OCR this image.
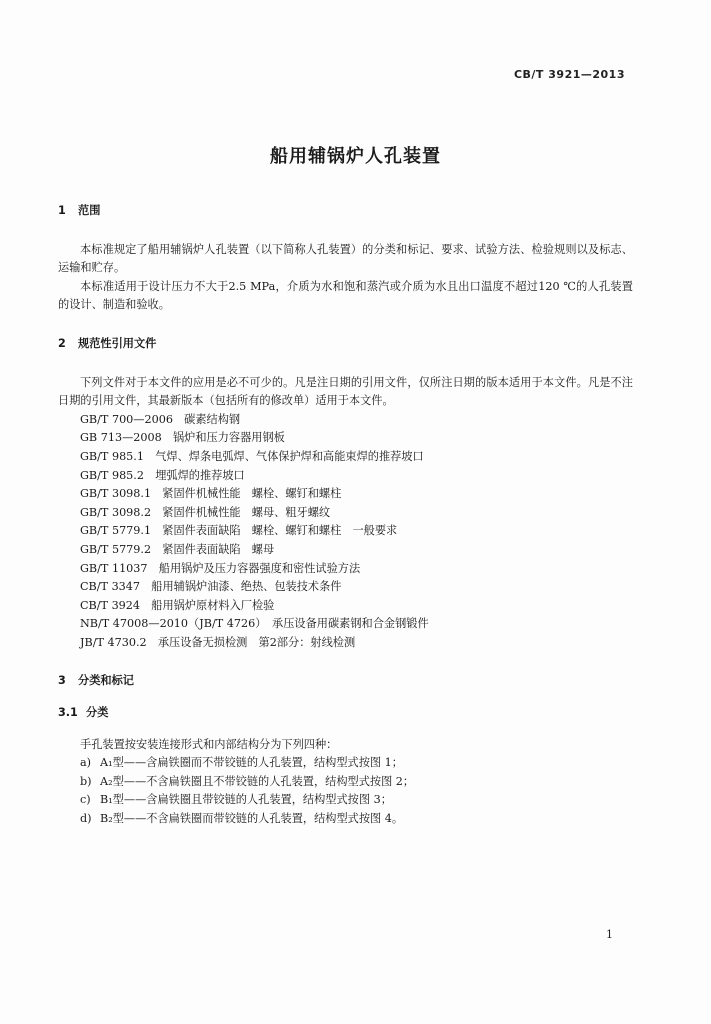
CB/T 3921—2013
船用辅锅炉人孔装置
1 范围

本标准规定了船用辅锅炉人孔装置（以下简称人孔装置）的分类和标记、要求、试验方法、检验规则以及标志、运输和贮存。

本标准适用于设计压力不大于2.5 MPa，介质为水和饱和蒸汽或介质为水且出口温度不超过120 ℃的人孔装置的设计、制造和验收。

2 规范性引用文件

下列文件对于本文件的应用是必不可少的。凡是注日期的引用文件，仅所注日期的版本适用于本文件。凡是不注日期的引用文件，其最新版本（包括所有的修改单）适用于本文件。

GB/T 700—2006　 碳素结构钢
GB 713—2008　 锅炉和压力容器用钢板
GB/T 985.1　 气焊、焊条电弧焊、气体保护焊和高能束焊的推荐坡口
GB/T 985.2　 埋弧焊的推荐坡口
GB/T 3098.1　 紧固件机械性能　螺栓、螺钉和螺柱
GB/T 3098.2　 紧固件机械性能　螺母、粗牙螺纹
GB/T 5779.1　 紧固件表面缺陷　螺栓、螺钉和螺柱　一般要求
GB/T 5779.2　 紧固件表面缺陷　螺母
GB/T 11037　 船用锅炉及压力容器强度和密性试验方法
CB/T 3347　 船用辅锅炉油漆、绝热、包装技术条件
CB/T 3924　 船用锅炉原材料入厂检验
NB/T 47008—2010（JB/T 4726）　 承压设备用碳素钢和合金钢锻件
JB/T 4730.2　 承压设备无损检测　第2部分：射线检测
3 分类和标记
3.1 分类

手孔装置按安装连接形式和内部结构分为下列四种：

a) A₁型——含扁铁圈而不带铰链的人孔装置，结构型式按图 1；
b) A₂型——不含扁铁圈且不带铰链的人孔装置，结构型式按图 2；
c) B₁型——含扁铁圈且带铰链的人孔装置，结构型式按图 3；
d) B₂型——不含扁铁圈而带铰链的人孔装置，结构型式按图 4。
1
